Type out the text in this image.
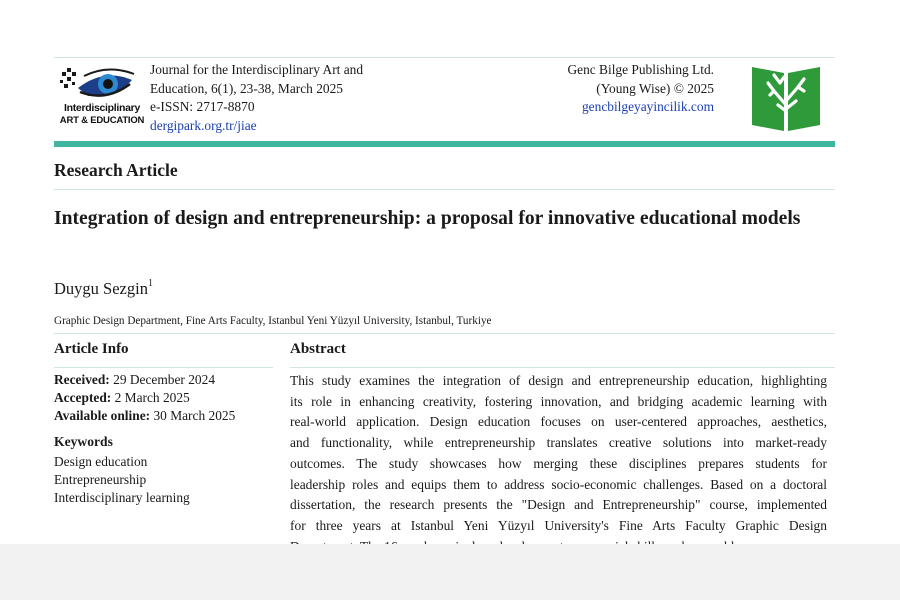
Interdisciplinary
ART & EDUCATION
Journal for the Interdisciplinary Art and
Education, 6(1), 23-38, March 2025
e-ISSN: 2717-8870
dergipark.org.tr/jiae
Genc Bilge Publishing Ltd.
(Young Wise) © 2025
gencbilgeyayincilik.com
Research Article
Integration of design and entrepreneurship: a proposal for innovative educational models
Duygu Sezgin$^1$
Graphic Design Department, Fine Arts Faculty, Istanbul Yeni Yüzyıl University, Istanbul, Turkiye
Article Info	Abstract
Received: 29 December 2024
Accepted: 2 March 2025
Available online: 30 March 2025
Keywords
Design education
Entrepreneurship
Interdisciplinary learning
This study examines the integration of design and entrepreneurship education, highlighting
its role in enhancing creativity, fostering innovation, and bridging academic learning with
real-world application. Design education focuses on user-centered approaches, aesthetics,
and functionality, while entrepreneurship translates creative solutions into market-ready
outcomes. The study showcases how merging these disciplines prepares students for
leadership roles and equips them to address socio-economic challenges. Based on a doctoral
dissertation, the research presents the "Design and Entrepreneurship" course, implemented
for three years at Istanbul Yeni Yüzyıl University's Fine Arts Faculty Graphic Design
